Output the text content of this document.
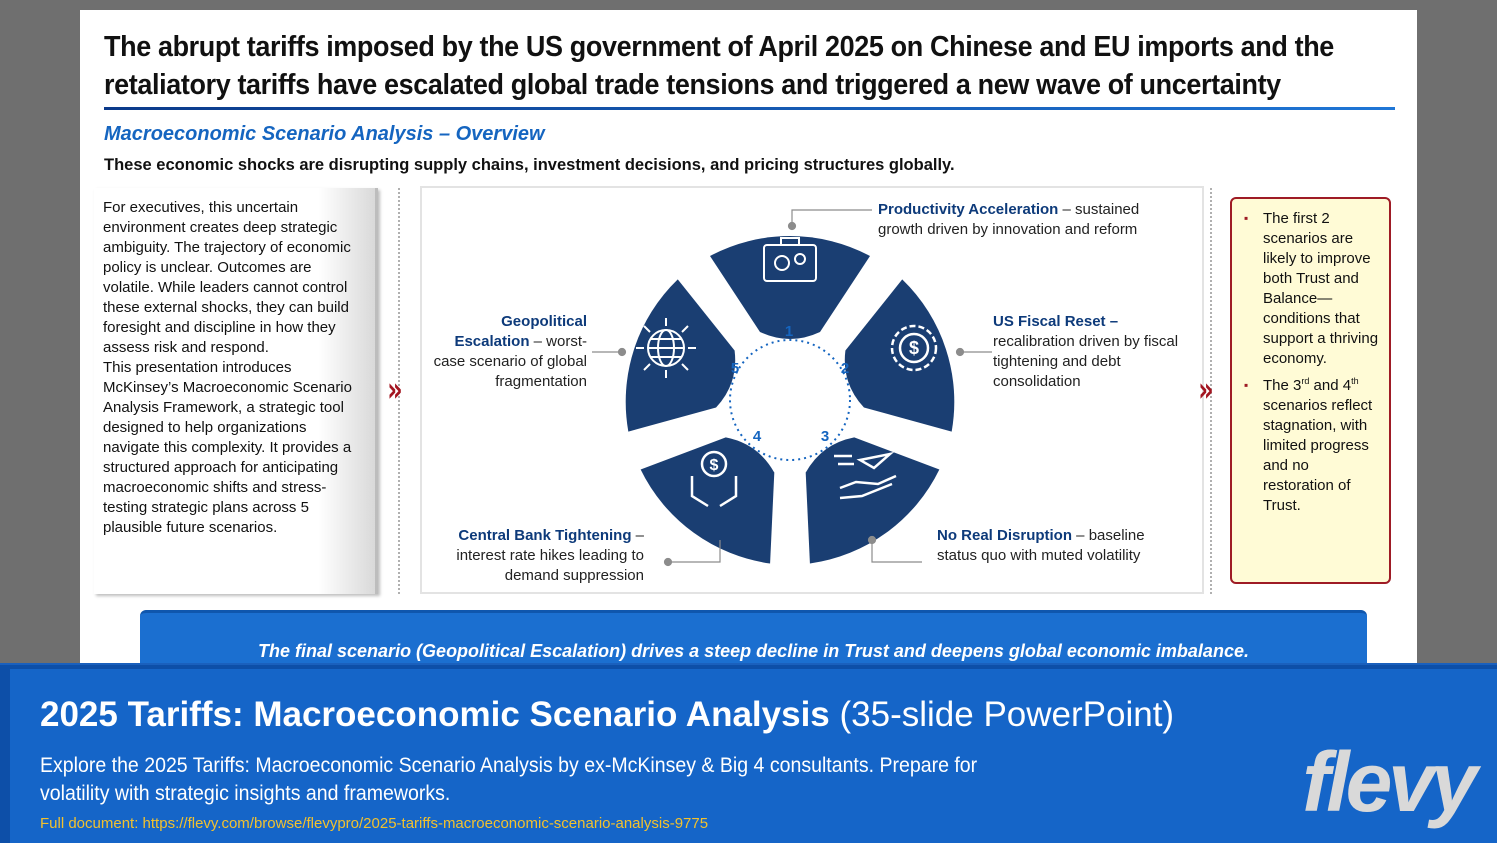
The abrupt tariffs imposed by the US government of April 2025 on Chinese and EU imports and the
retaliatory tariffs have escalated global trade tensions and triggered a new wave of uncertainty
Macroeconomic Scenario Analysis – Overview
These economic shocks are disrupting supply chains, investment decisions, and pricing structures globally.

For executives, this uncertain environment creates deep strategic ambiguity. The trajectory of economic policy is unclear. Outcomes are volatile. While leaders cannot control these external shocks, they can build foresight and discipline in how they assess risk and respond.

This presentation introduces McKinsey’s Macroeconomic Scenario Analysis Framework, a strategic tool designed to help organizations navigate this complexity. It provides a structured approach for anticipating macroeconomic shifts and stress-testing strategic plans across 5 plausible future scenarios.

»
1
2
3
4
5
$
$
Productivity Acceleration – sustained growth driven by innovation and reform
US Fiscal Reset –
recalibration driven by fiscal tightening and debt consolidation
No Real Disruption – baseline status quo with muted volatility
Central Bank Tightening – interest rate hikes leading to demand suppression
Geopolitical
Escalation – worst- case scenario of global fragmentation	»
▪ The first 2 scenarios are likely to improve both Trust and Balance—conditions that support a thriving economy.
▪ The 3rd and 4th scenarios reflect stagnation, with limited progress and no restoration of Trust.
The final scenario (Geopolitical Escalation) drives a steep decline in Trust and deepens global economic imbalance.
2025 Tariffs: Macroeconomic Scenario Analysis (35-slide PowerPoint)
Explore the 2025 Tariffs: Macroeconomic Scenario Analysis by ex-McKinsey & Big 4 consultants. Prepare for volatility with strategic insights and frameworks.
Full document: https://flevy.com/browse/flevypro/2025-tariffs-macroeconomic-scenario-analysis-9775	flevy
